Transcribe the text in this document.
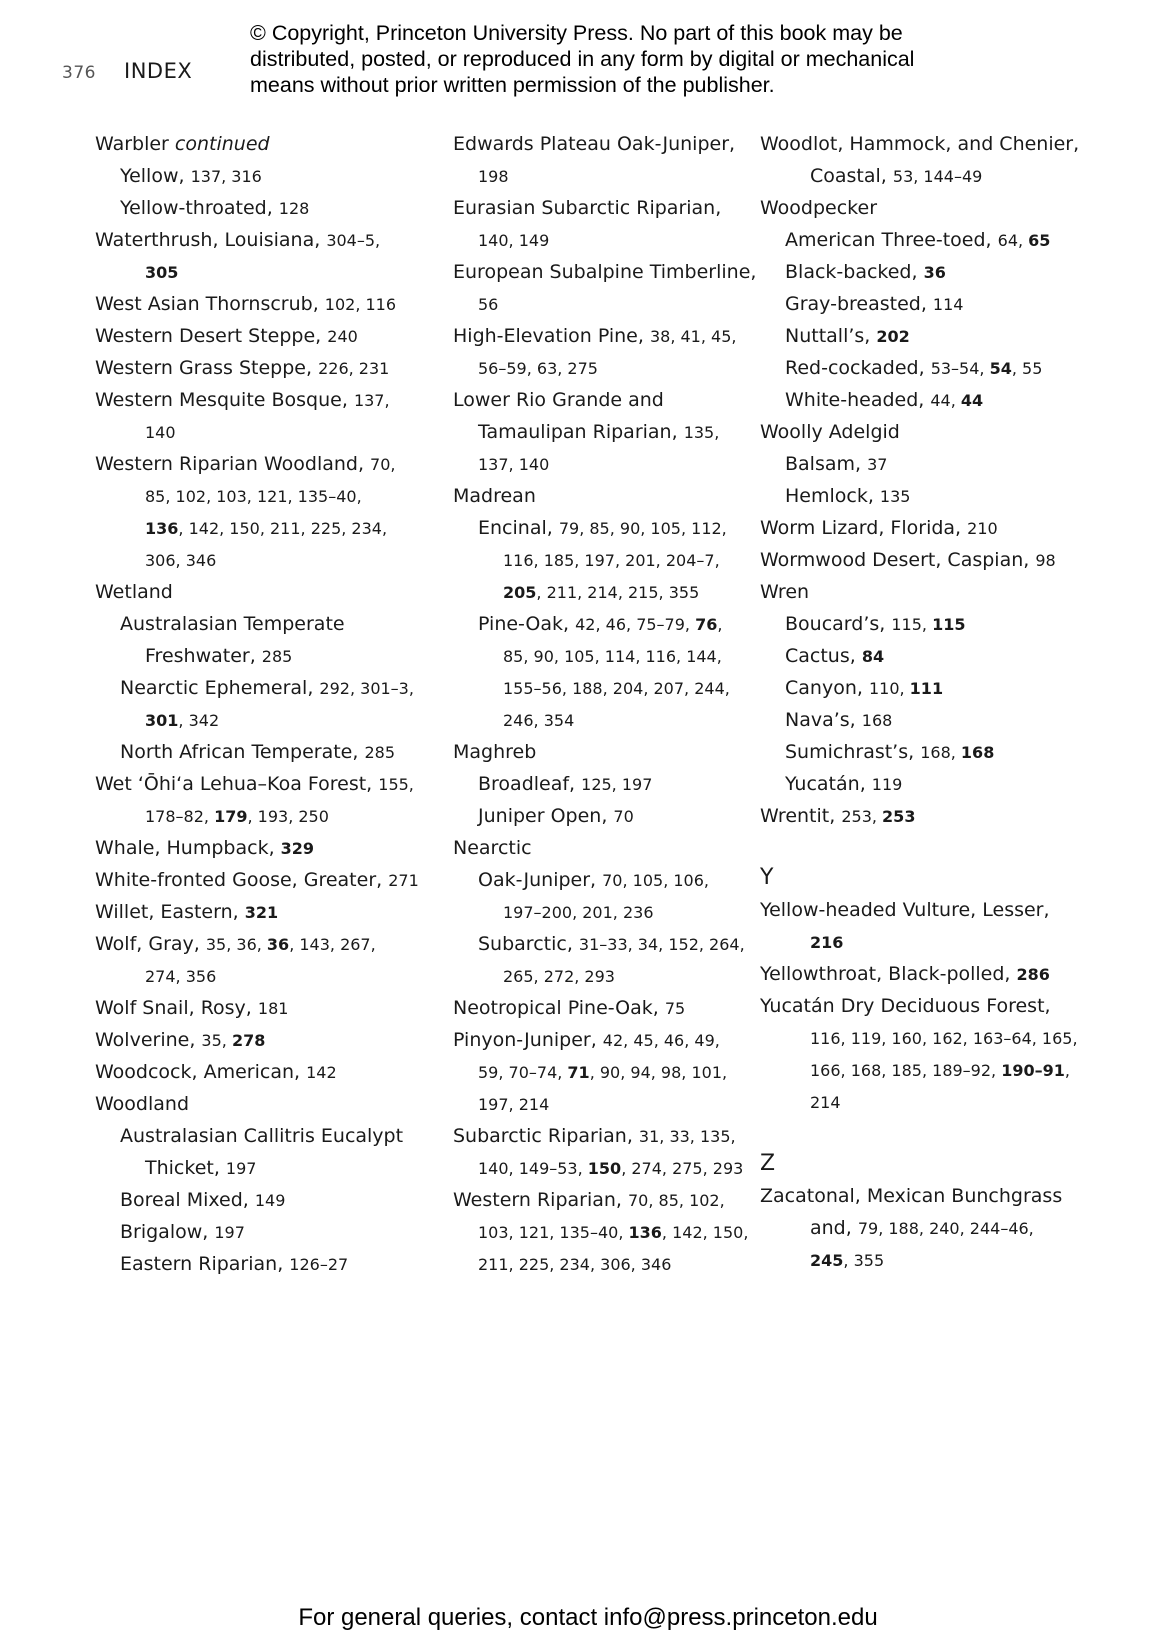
376 INDEX
© Copyright, Princeton University Press. No part of this book may be
distributed, posted, or reproduced in any form by digital or mechanical
means without prior written permission of the publisher.
Warbler continued
Yellow, 137, 316
Yellow-throated, 128
Waterthrush, Louisiana, 304–5,
305
West Asian Thornscrub, 102, 116
Western Desert Steppe, 240
Western Grass Steppe, 226, 231
Western Mesquite Bosque, 137,
140
Western Riparian Woodland, 70,
85, 102, 103, 121, 135–40,
136, 142, 150, 211, 225, 234,
306, 346
Wetland
Australasian Temperate
Freshwater, 285
Nearctic Ephemeral, 292, 301–3,
301, 342
North African Temperate, 285
Wet ʻŌhiʻa Lehua–Koa Forest, 155,
178–82, 179, 193, 250
Whale, Humpback, 329
White-fronted Goose, Greater, 271
Willet, Eastern, 321
Wolf, Gray, 35, 36, 36, 143, 267,
274, 356
Wolf Snail, Rosy, 181
Wolverine, 35, 278
Woodcock, American, 142
Woodland
Australasian Callitris Eucalypt
Thicket, 197
Boreal Mixed, 149
Brigalow, 197
Eastern Riparian, 126–27
Edwards Plateau Oak-Juniper,
198
Eurasian Subarctic Riparian,
140, 149
European Subalpine Timberline,
56
High-Elevation Pine, 38, 41, 45,
56–59, 63, 275
Lower Rio Grande and
Tamaulipan Riparian, 135,
137, 140
Madrean
Encinal, 79, 85, 90, 105, 112,
116, 185, 197, 201, 204–7,
205, 211, 214, 215, 355
Pine-Oak, 42, 46, 75–79, 76,
85, 90, 105, 114, 116, 144,
155–56, 188, 204, 207, 244,
246, 354
Maghreb
Broadleaf, 125, 197
Juniper Open, 70
Nearctic
Oak-Juniper, 70, 105, 106,
197–200, 201, 236
Subarctic, 31–33, 34, 152, 264,
265, 272, 293
Neotropical Pine-Oak, 75
Pinyon-Juniper, 42, 45, 46, 49,
59, 70–74, 71, 90, 94, 98, 101,
197, 214
Subarctic Riparian, 31, 33, 135,
140, 149–53, 150, 274, 275, 293
Western Riparian, 70, 85, 102,
103, 121, 135–40, 136, 142, 150,
211, 225, 234, 306, 346
Woodlot, Hammock, and Chenier,
Coastal, 53, 144–49
Woodpecker
American Three-toed, 64, 65
Black-backed, 36
Gray-breasted, 114
Nuttall’s, 202
Red-cockaded, 53–54, 54, 55
White-headed, 44, 44
Woolly Adelgid
Balsam, 37
Hemlock, 135
Worm Lizard, Florida, 210
Wormwood Desert, Caspian, 98
Wren
Boucard’s, 115, 115
Cactus, 84
Canyon, 110, 111
Nava’s, 168
Sumichrast’s, 168, 168
Yucatán, 119
Wrentit, 253, 253
Y
Yellow-headed Vulture, Lesser,
216
Yellowthroat, Black-polled, 286
Yucatán Dry Deciduous Forest,
116, 119, 160, 162, 163–64, 165,
166, 168, 185, 189–92, 190–91,
214
Z
Zacatonal, Mexican Bunchgrass
and, 79, 188, 240, 244–46,
245, 355
For general queries, contact info@press.princeton.edu
